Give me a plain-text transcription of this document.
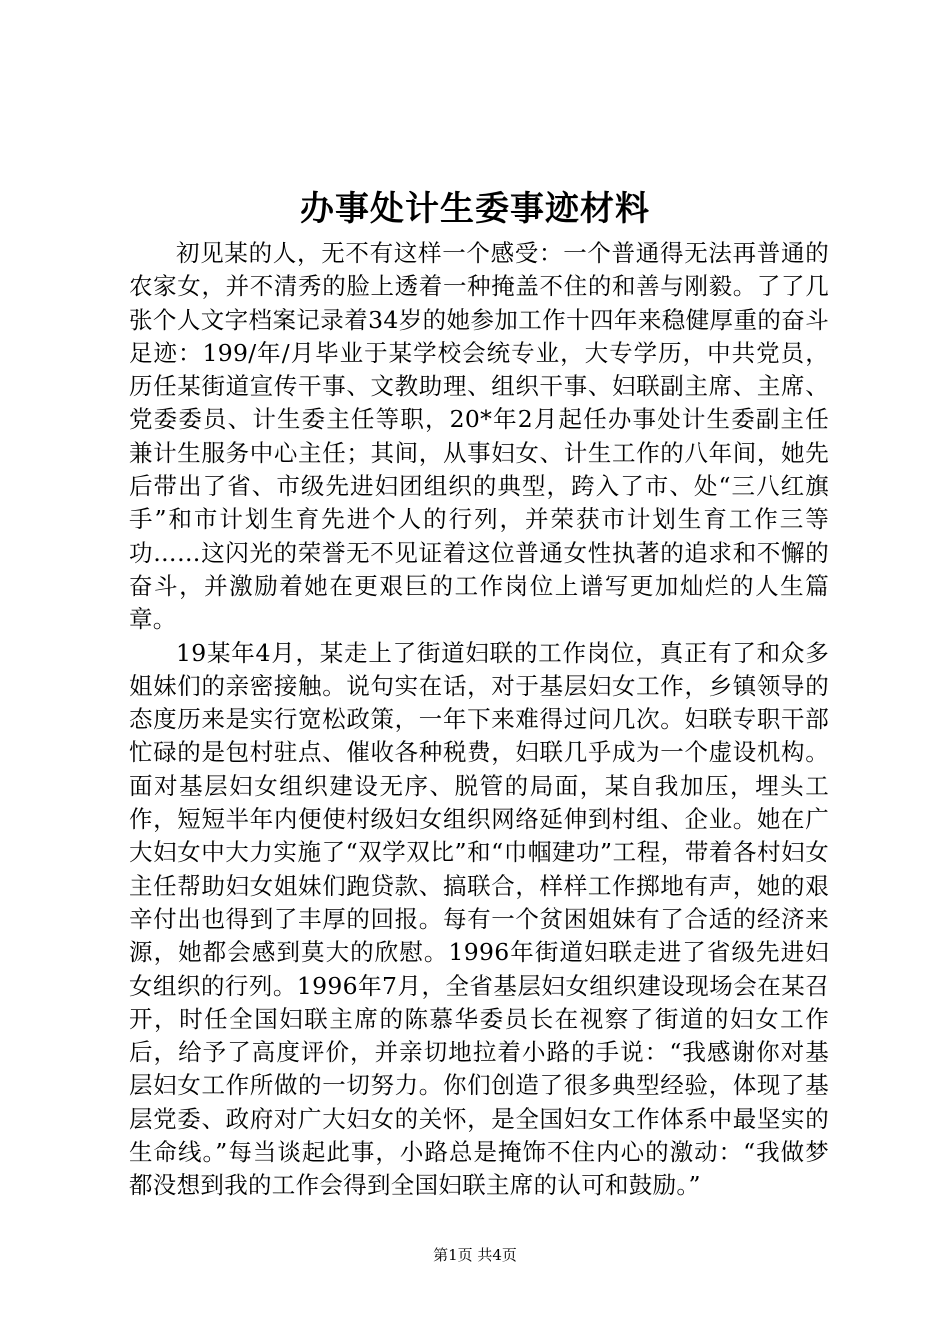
办事处计生委事迹材料

初见某的人，无不有这样一个感受：一个普通得无法再普通的农家女，并不清秀的脸上透着一种掩盖不住的和善与刚毅。了了几张个人文字档案记录着34岁的她参加工作十四年来稳健厚重的奋斗足迹：199/年/月毕业于某学校会统专业，大专学历，中共党员，历任某街道宣传干事、文教助理、组织干事、妇联副主席、主席、党委委员、计生委主任等职，20*年2月起任办事处计生委副主任兼计生服务中心主任；其间，从事妇女、计生工作的八年间，她先后带出了省、市级先进妇团组织的典型，跨入了市、处“三八红旗手”和市计划生育先进个人的行列，并荣获市计划生育工作三等功……这闪光的荣誉无不见证着这位普通女性执著的追求和不懈的奋斗，并激励着她在更艰巨的工作岗位上谱写更加灿烂的人生篇章。

19某年4月，某走上了街道妇联的工作岗位，真正有了和众多姐妹们的亲密接触。说句实在话，对于基层妇女工作，乡镇领导的态度历来是实行宽松政策，一年下来难得过问几次。妇联专职干部忙碌的是包村驻点、催收各种税费，妇联几乎成为一个虚设机构。面对基层妇女组织建设无序、脱管的局面，某自我加压，埋头工作，短短半年内便使村级妇女组织网络延伸到村组、企业。她在广大妇女中大力实施了“双学双比”和“巾帼建功”工程，带着各村妇女主任帮助妇女姐妹们跑贷款、搞联合，样样工作掷地有声，她的艰辛付出也得到了丰厚的回报。每有一个贫困姐妹有了合适的经济来源，她都会感到莫大的欣慰。1996年街道妇联走进了省级先进妇女组织的行列。1996年7月，全省基层妇女组织建设现场会在某召开，时任全国妇联主席的陈慕华委员长在视察了街道的妇女工作后，给予了高度评价，并亲切地拉着小路的手说：“我感谢你对基层妇女工作所做的一切努力。你们创造了很多典型经验，体现了基层党委、政府对广大妇女的关怀，是全国妇女工作体系中最坚实的生命线。”每当谈起此事，小路总是掩饰不住内心的激动：“我做梦都没想到我的工作会得到全国妇联主席的认可和鼓励。”

第1页 共4页
